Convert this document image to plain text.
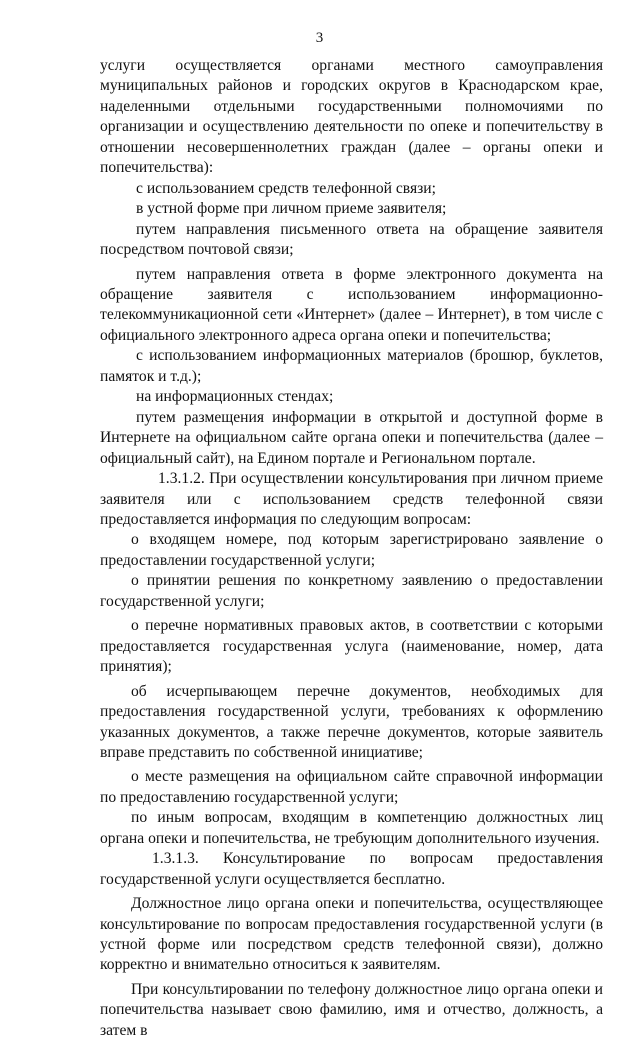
3

услуги осуществляется органами местного самоуправления муниципальных районов и городских округов в Краснодарском крае, наделенными отдельными государственными полномочиями по организации и осуществлению деятельности по опеке и попечительству в отношении несовершеннолетних граждан (далее – органы опеки и попечительства):

с использованием средств телефонной связи;

в устной форме при личном приеме заявителя;

путем направления письменного ответа на обращение заявителя посредством почтовой связи;

путем направления ответа в форме электронного документа на обращение заявителя с использованием информационно-телекоммуникационной сети «Интернет» (далее – Интернет), в том числе с официального электронного адреса органа опеки и попечительства;

с использованием информационных материалов (брошюр, буклетов, памяток и т.д.);

на информационных стендах;

путем размещения информации в открытой и доступной форме в Интернете на официальном сайте органа опеки и попечительства (далее – официальный сайт), на Едином портале и Региональном портале.

1.3.1.2. При осуществлении консультирования при личном приеме заявителя или с использованием средств телефонной связи предоставляется информация по следующим вопросам:

о входящем номере, под которым зарегистрировано заявление о предоставлении государственной услуги;

о принятии решения по конкретному заявлению о предоставлении государственной услуги;

о перечне нормативных правовых актов, в соответствии с которыми предоставляется государственная услуга (наименование, номер, дата принятия);

об исчерпывающем перечне документов, необходимых для предоставления государственной услуги, требованиях к оформлению указанных документов, а также перечне документов, которые заявитель вправе представить по собственной инициативе;

о месте размещения на официальном сайте справочной информации по предоставлению государственной услуги;

по иным вопросам, входящим в компетенцию должностных лиц органа опеки и попечительства, не требующим дополнительного изучения.

1.3.1.3. Консультирование по вопросам предоставления государственной услуги осуществляется бесплатно.

Должностное лицо органа опеки и попечительства, осуществляющее консультирование по вопросам предоставления государственной услуги (в устной форме или посредством средств телефонной связи), должно корректно и внимательно относиться к заявителям.

При консультировании по телефону должностное лицо органа опеки и попечительства называет свою фамилию, имя и отчество, должность, а затем в
